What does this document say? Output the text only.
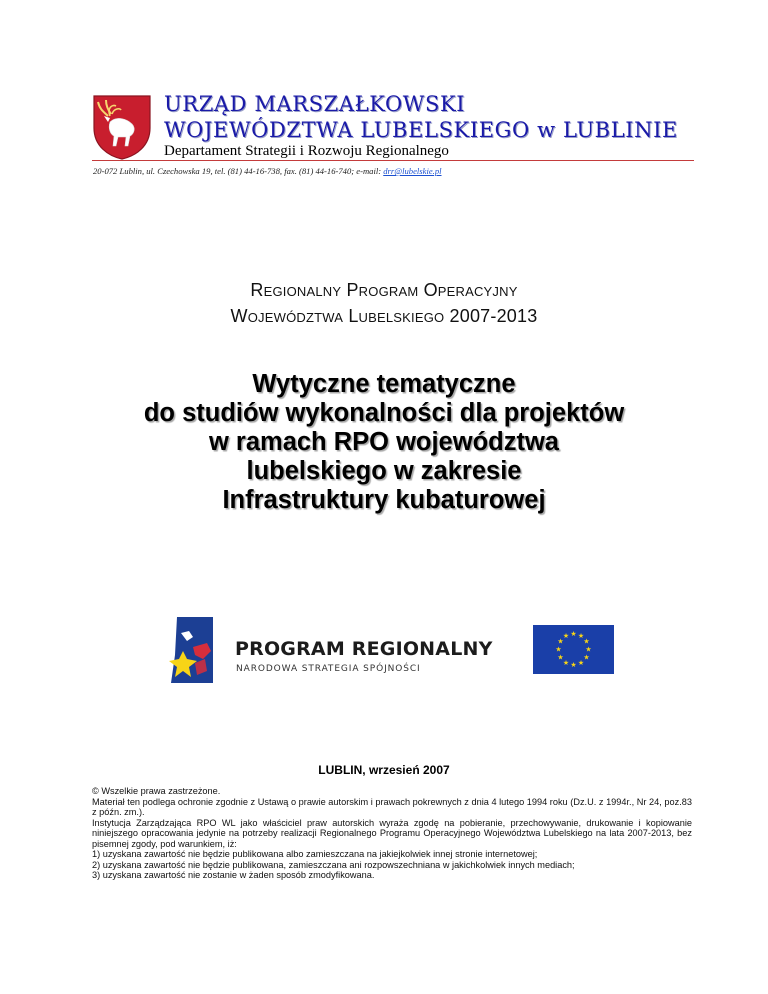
URZĄD MARSZAŁKOWSKI
WOJEWÓDZTWA LUBELSKIEGO w LUBLINIE
Departament Strategii i Rozwoju Regionalnego
20-072 Lublin, ul. Czechowska 19, tel. (81) 44-16-738, fax. (81) 44-16-740; e-mail: drr@lubelskie.pl
Regionalny Program Operacyjny
Województwa Lubelskiego 2007-2013
Wytyczne tematyczne
do studiów wykonalności dla projektów
w ramach RPO województwa
lubelskiego w zakresie
Infrastruktury kubaturowej
PROGRAM REGIONALNY
NARODOWA STRATEGIA SPÓJNOŚCI
★ ★
★
★
★
★
★
★
★
★
★
★
LUBLIN, wrzesień 2007
© Wszelkie prawa zastrzeżone.
Materiał ten podlega ochronie zgodnie z Ustawą o prawie autorskim i prawach pokrewnych z dnia 4 lutego 1994 roku (Dz.U. z 1994r., Nr 24, poz.83 z późn. zm.).
Instytucja Zarządzająca RPO WL jako właściciel praw autorskich wyraża zgodę na pobieranie, przechowywanie, drukowanie i kopiowanie niniejszego opracowania jedynie na potrzeby realizacji Regionalnego Programu Operacyjnego Województwa Lubelskiego na lata 2007-2013, bez pisemnej zgody, pod warunkiem, iż:
1) uzyskana zawartość nie będzie publikowana albo zamieszczana na jakiejkolwiek innej stronie internetowej;
2) uzyskana zawartość nie będzie publikowana, zamieszczana ani rozpowszechniana w jakichkolwiek innych mediach;
3) uzyskana zawartość nie zostanie w żaden sposób zmodyfikowana.
